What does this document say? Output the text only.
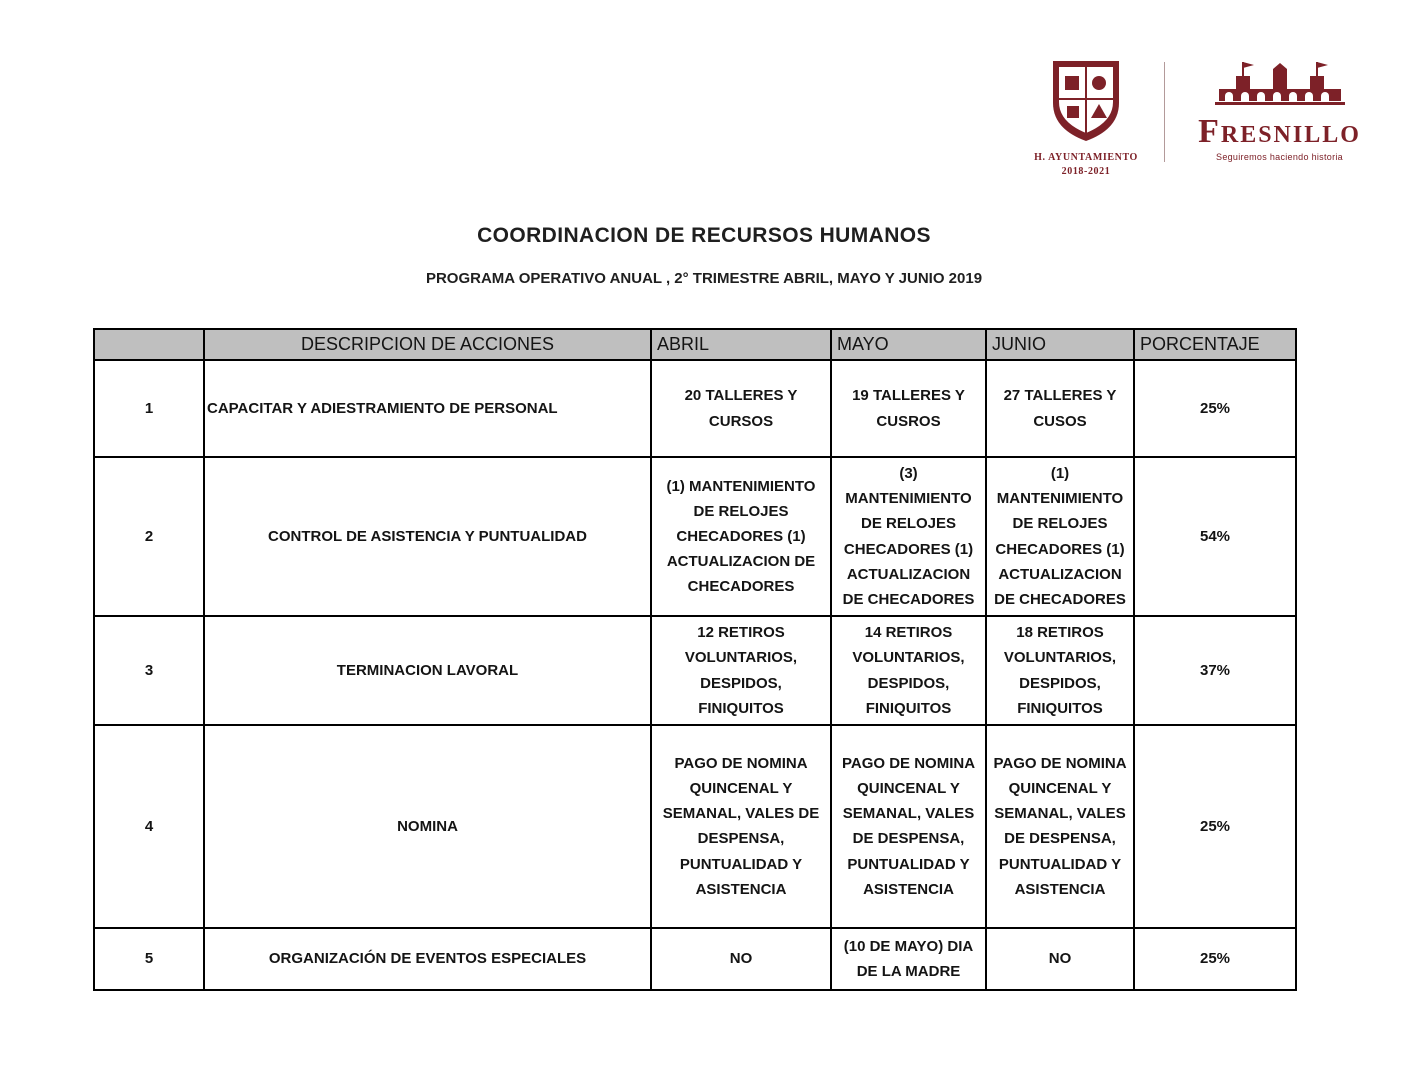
H. AYUNTAMIENTO
2018-2021
Fresnillo
Seguiremos haciendo historia
COORDINACION DE RECURSOS HUMANOS
PROGRAMA OPERATIVO ANUAL , 2° TRIMESTRE ABRIL, MAYO Y JUNIO 2019
	DESCRIPCION DE ACCIONES	ABRIL	MAYO	JUNIO	PORCENTAJE
1	CAPACITAR Y ADIESTRAMIENTO DE PERSONAL	20 TALLERES Y CURSOS	19 TALLERES Y CUSROS	27 TALLERES Y CUSOS	25%
2	CONTROL DE ASISTENCIA Y PUNTUALIDAD	(1) MANTENIMIENTO DE RELOJES CHECADORES (1) ACTUALIZACION DE CHECADORES	(3) MANTENIMIENTO DE RELOJES CHECADORES (1) ACTUALIZACION DE CHECADORES	(1) MANTENIMIENTO DE RELOJES CHECADORES (1) ACTUALIZACION DE CHECADORES	54%
3	TERMINACION LAVORAL	12 RETIROS VOLUNTARIOS, DESPIDOS, FINIQUITOS	14 RETIROS VOLUNTARIOS, DESPIDOS, FINIQUITOS	18 RETIROS VOLUNTARIOS, DESPIDOS, FINIQUITOS	37%
4	NOMINA	PAGO DE NOMINA QUINCENAL Y SEMANAL, VALES DE DESPENSA, PUNTUALIDAD Y ASISTENCIA	PAGO DE NOMINA QUINCENAL Y SEMANAL, VALES DE DESPENSA, PUNTUALIDAD Y ASISTENCIA	PAGO DE NOMINA QUINCENAL Y SEMANAL, VALES DE DESPENSA, PUNTUALIDAD Y ASISTENCIA	25%
5	ORGANIZACIÓN DE EVENTOS ESPECIALES	NO	(10 DE MAYO) DIA DE LA MADRE	NO	25%
